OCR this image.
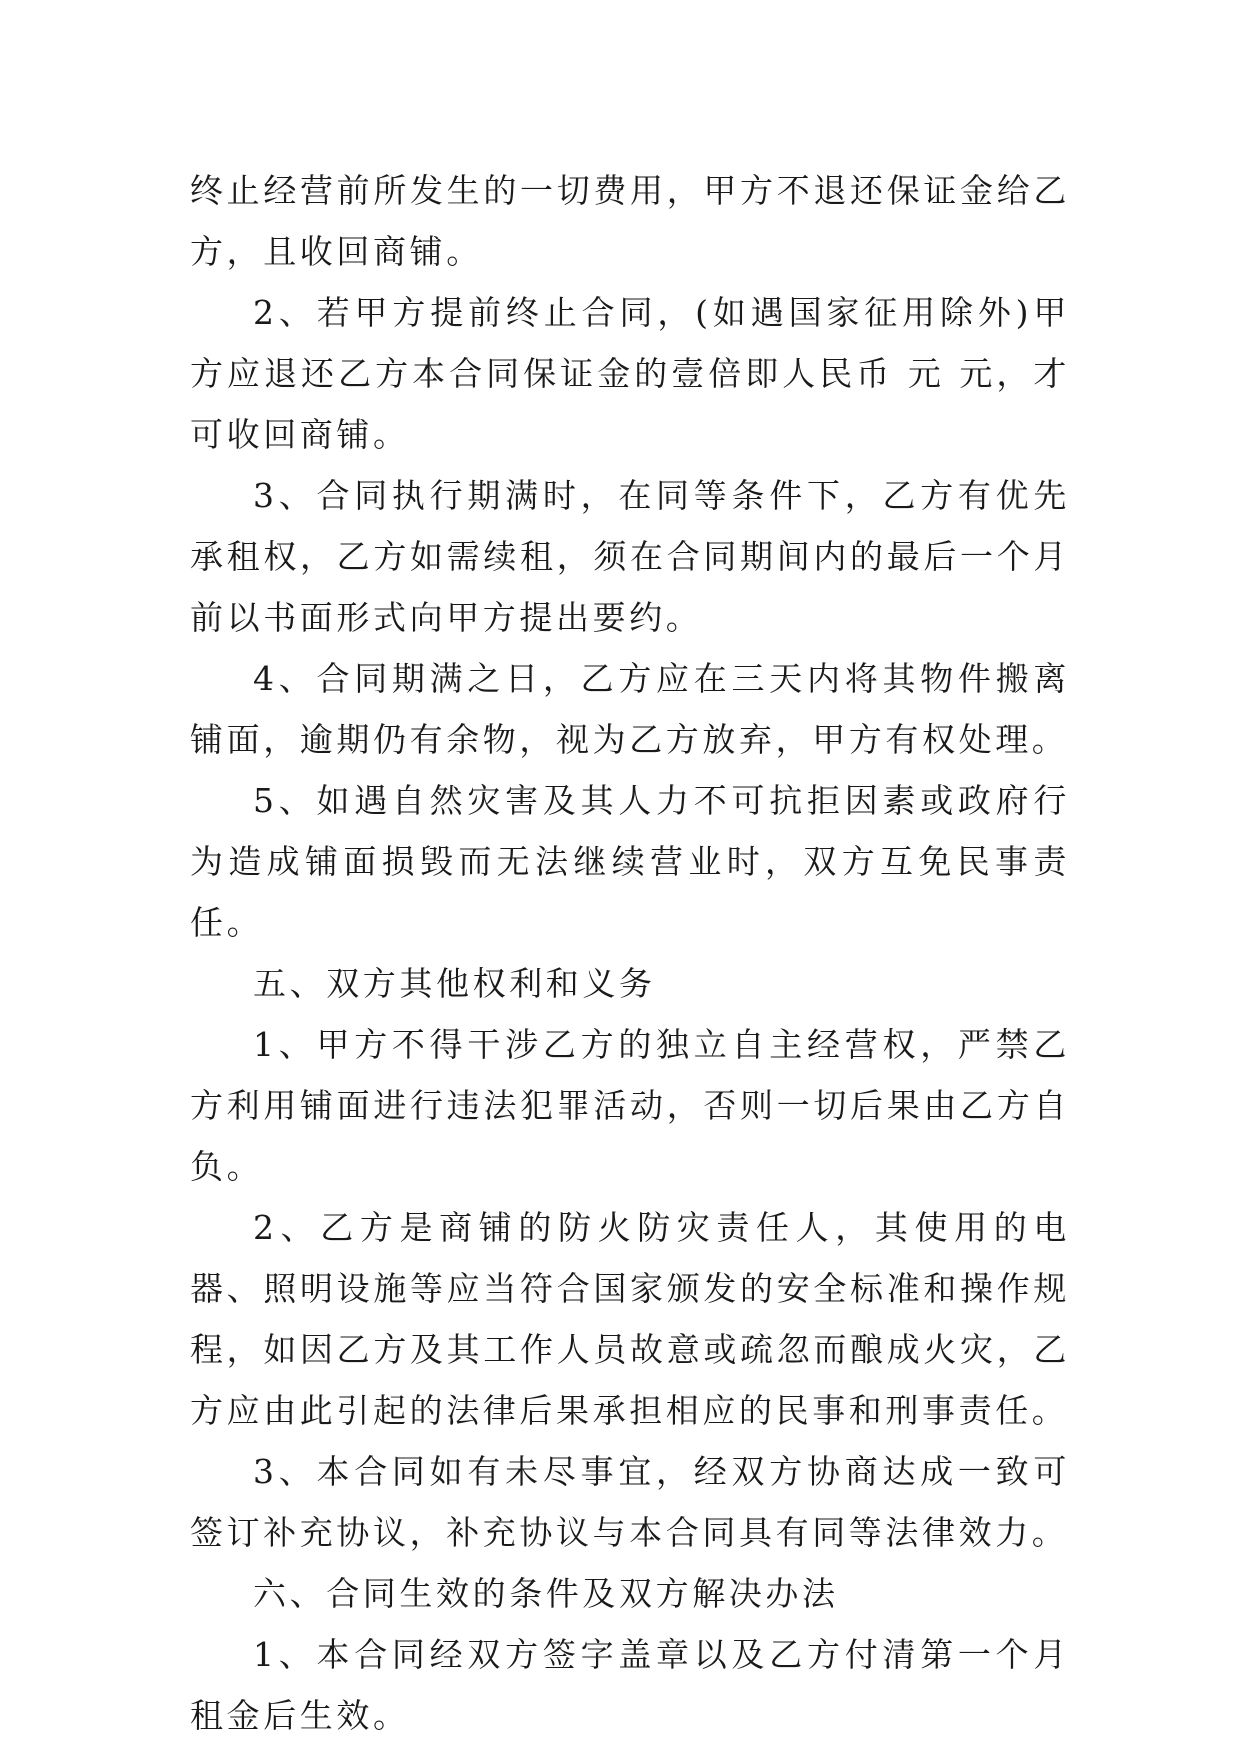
终止经营前所发生的一切费用，甲方不退还保证金给乙方，且收回商铺。

2、若甲方提前终止合同，(如遇国家征用除外)甲方应退还乙方本合同保证金的壹倍即人民币 元 元，才可收回商铺。

3、合同执行期满时，在同等条件下，乙方有优先承租权，乙方如需续租，须在合同期间内的最后一个月前以书面形式向甲方提出要约。

4、合同期满之日，乙方应在三天内将其物件搬离铺面，逾期仍有余物，视为乙方放弃，甲方有权处理。

5、如遇自然灾害及其人力不可抗拒因素或政府行为造成铺面损毁而无法继续营业时，双方互免民事责任。

五、双方其他权利和义务

1、甲方不得干涉乙方的独立自主经营权，严禁乙方利用铺面进行违法犯罪活动，否则一切后果由乙方自负。

2、乙方是商铺的防火防灾责任人，其使用的电器、照明设施等应当符合国家颁发的安全标准和操作规程，如因乙方及其工作人员故意或疏忽而酿成火灾，乙方应由此引起的法律后果承担相应的民事和刑事责任。

3、本合同如有未尽事宜，经双方协商达成一致可签订补充协议，补充协议与本合同具有同等法律效力。

六、合同生效的条件及双方解决办法

1、本合同经双方签字盖章以及乙方付清第一个月租金后生效。
